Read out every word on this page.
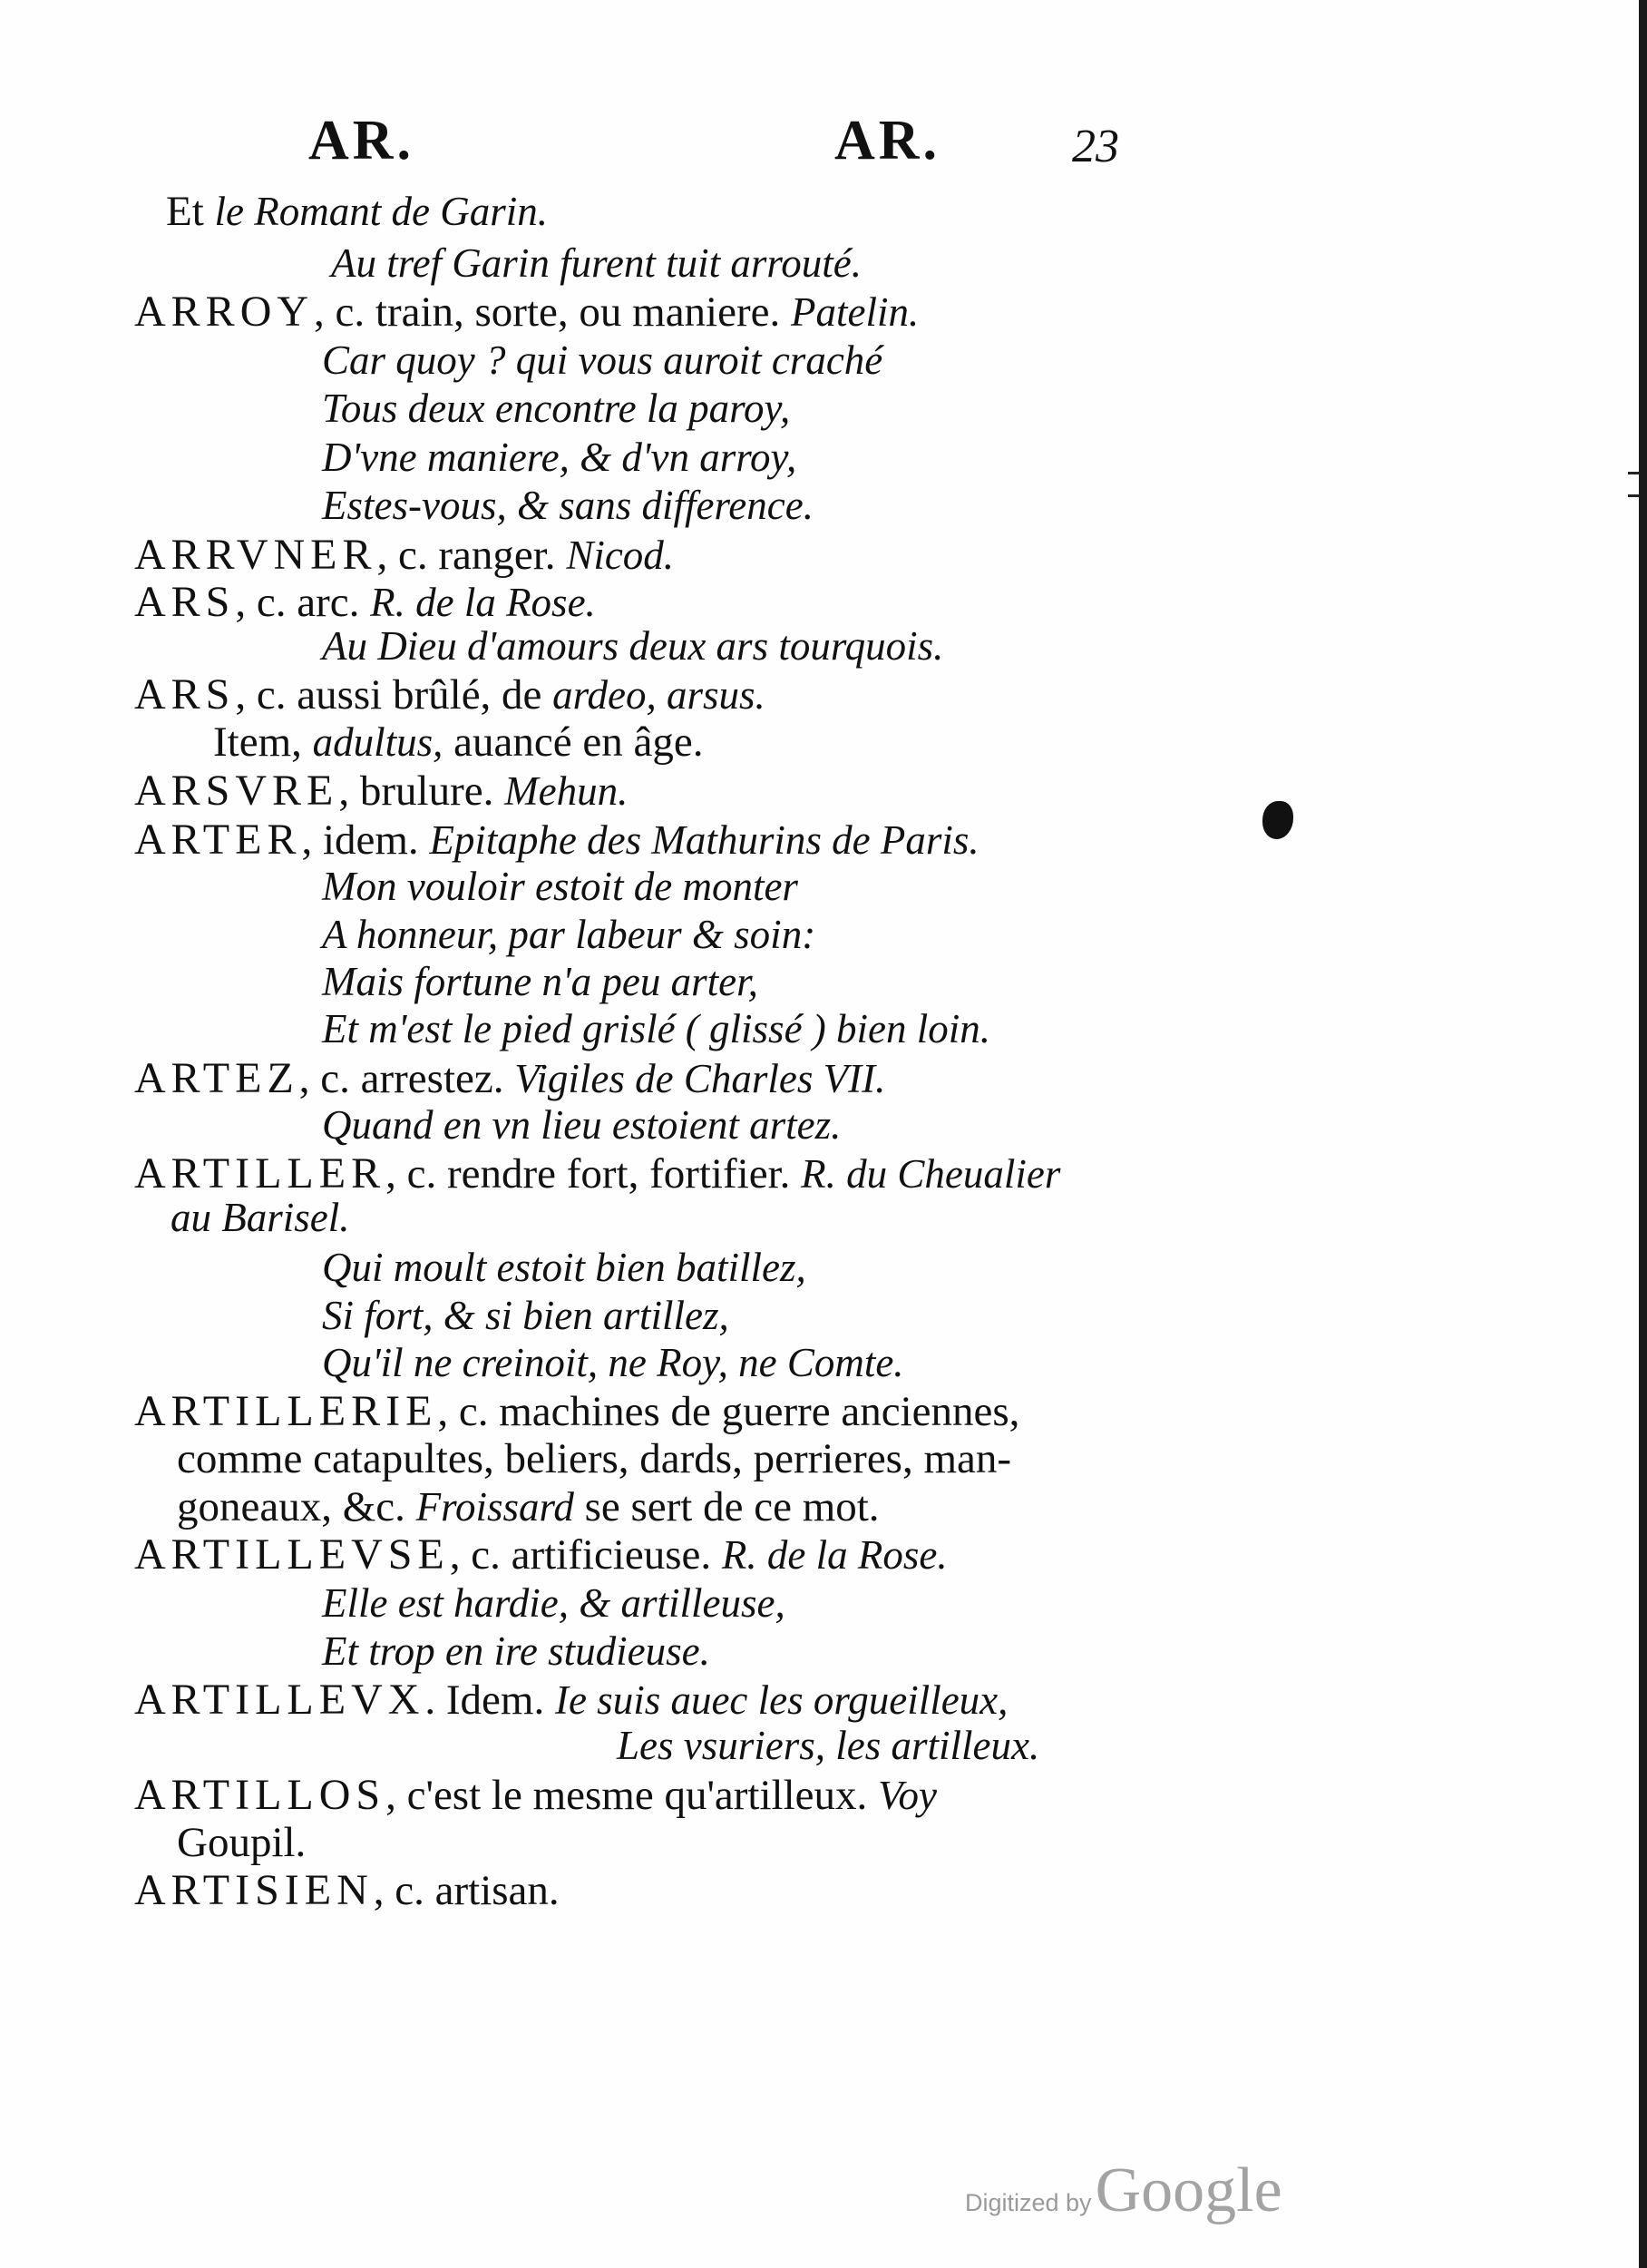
AR.	AR.	23
Et le Romant de Garin.
Au tref Garin furent tuit arrouté.
ARROY, c. train, sorte, ou maniere. Patelin.
Car quoy ? qui vous auroit craché
Tous deux encontre la paroy,
D'vne maniere, & d'vn arroy,
Estes-vous, & sans difference.
ARRVNER, c. ranger. Nicod.
ARS, c. arc. R. de la Rose.
Au Dieu d'amours deux ars tourquois.
ARS, c. aussi brûlé, de ardeo, arsus.
Item, adultus, auancé en âge.
ARSVRE, brulure. Mehun.
ARTER, idem. Epitaphe des Mathurins de Paris.
Mon vouloir estoit de monter
A honneur, par labeur & soin:
Mais fortune n'a peu arter,
Et m'est le pied grislé ( glissé ) bien loin.
ARTEZ, c. arrestez. Vigiles de Charles VII.
Quand en vn lieu estoient artez.
ARTILLER, c. rendre fort, fortifier. R. du Cheualier
au Barisel.
Qui moult estoit bien batillez,
Si fort, & si bien artillez,
Qu'il ne creinoit, ne Roy, ne Comte.
ARTILLERIE, c. machines de guerre anciennes,
comme catapultes, beliers, dards, perrieres, man-
goneaux, &c. Froissard se sert de ce mot.
ARTILLEVSE, c. artificieuse. R. de la Rose.
Elle est hardie, & artilleuse,
Et trop en ire studieuse.
ARTILLEVX. Idem. Ie suis auec les orgueilleux,
Les vsuriers, les artilleux.
ARTILLOS, c'est le mesme qu'artilleux. Voy
Goupil.
ARTISIEN, c. artisan.
Digitized by Google
